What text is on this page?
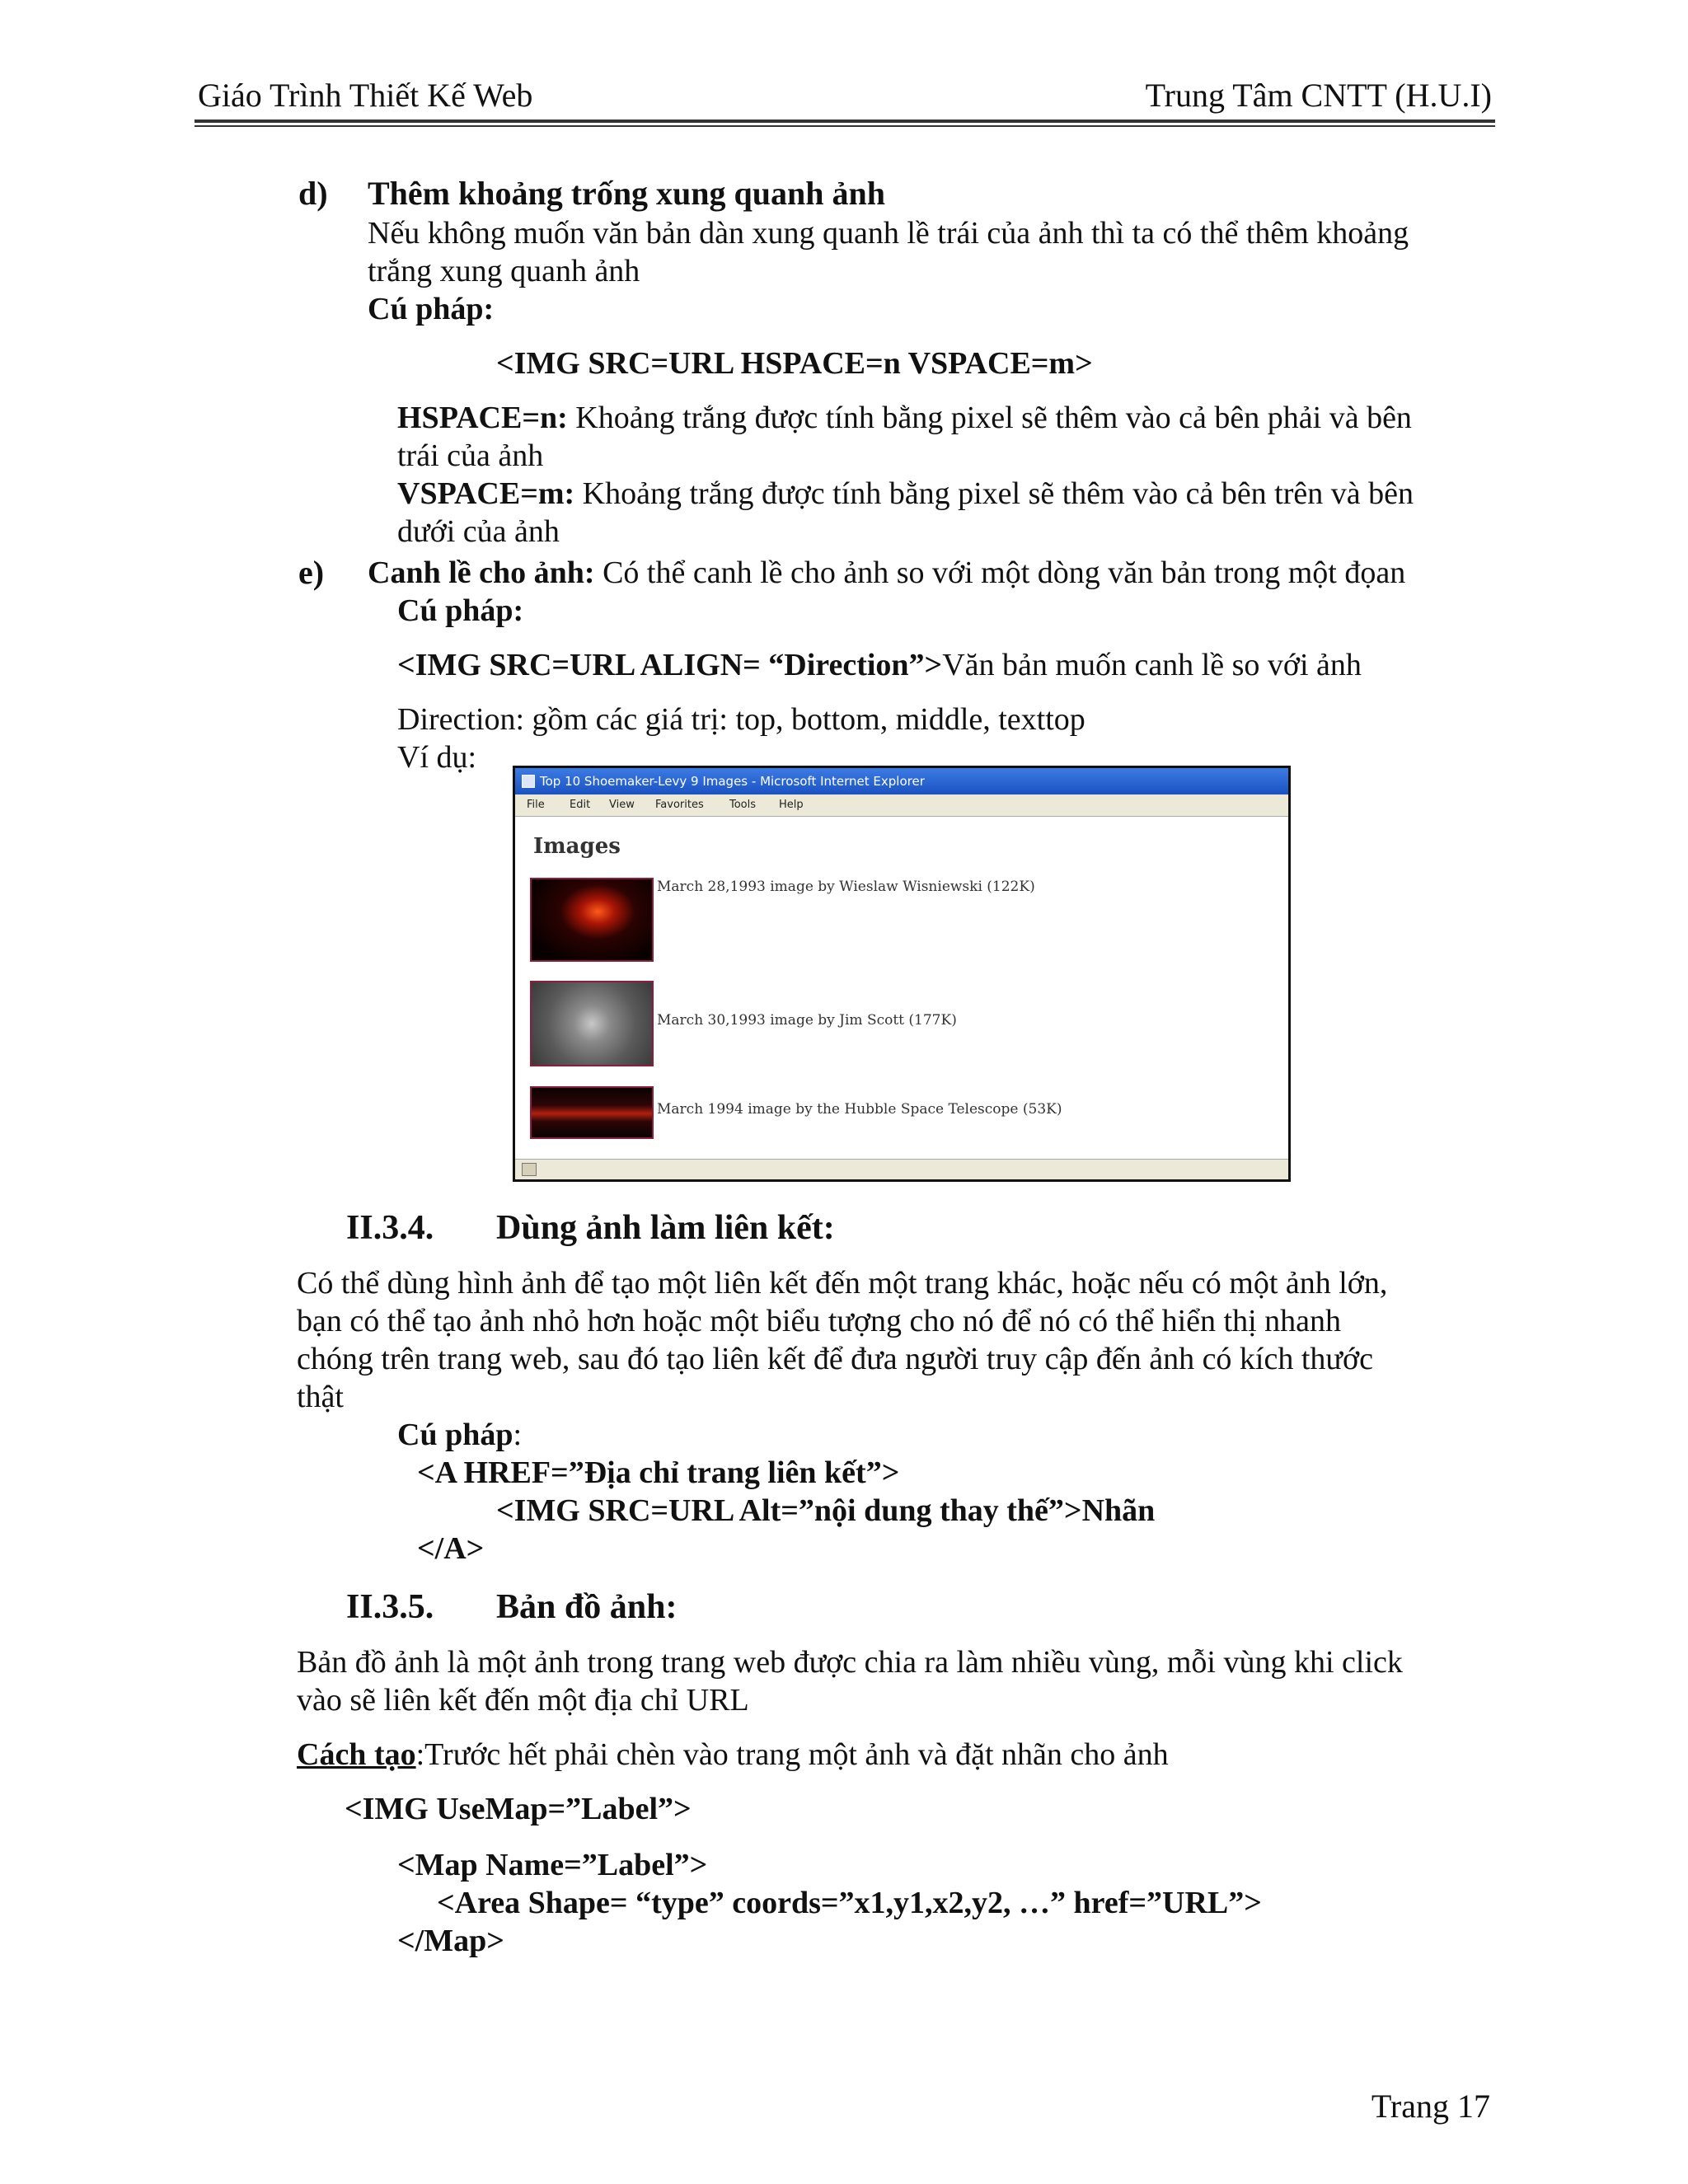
Giáo Trình Thiết Kế Web	Trung Tâm CNTT (H.U.I)
d) Thêm khoảng trống xung quanh ảnh
Nếu không muốn văn bản dàn xung quanh lề trái của ảnh thì ta có thể thêm khoảng
trắng xung quanh ảnh
Cú pháp:
<IMG SRC=URL HSPACE=n VSPACE=m>
HSPACE=n: Khoảng trắng được tính bằng pixel sẽ thêm vào cả bên phải và bên
trái của ảnh
VSPACE=m: Khoảng trắng được tính bằng pixel sẽ thêm vào cả bên trên và bên
dưới của ảnh
e) Canh lề cho ảnh: Có thể canh lề cho ảnh so với một dòng văn bản trong một đọan
Cú pháp:
<IMG SRC=URL ALIGN= “Direction”>Văn bản muốn canh lề so với ảnh
Direction: gồm các giá trị: top, bottom, middle, texttop
Ví dụ:
Top 10 Shoemaker-Levy 9 Images - Microsoft Internet Explorer
File Edit View Favorites Tools Help
Images
March 28,1993 image by Wieslaw Wisniewski (122K)
March 30,1993 image by Jim Scott (177K)
March 1994 image by the Hubble Space Telescope (53K)
II.3.4. Dùng ảnh làm liên kết:
Có thể dùng hình ảnh để tạo một liên kết đến một trang khác, hoặc nếu có một ảnh lớn,
bạn có thể tạo ảnh nhỏ hơn hoặc một biểu tượng cho nó để nó có thể hiển thị nhanh
chóng trên trang web, sau đó tạo liên kết để đưa người truy cập đến ảnh có kích thước
thật
Cú pháp:
<A HREF=”Địa chỉ trang liên kết”>
<IMG SRC=URL Alt=”nội dung thay thế”>Nhãn
</A>
II.3.5. Bản đồ ảnh:
Bản đồ ảnh là một ảnh trong trang web được chia ra làm nhiều vùng, mỗi vùng khi click
vào sẽ liên kết đến một địa chỉ URL
Cách tạo:Trước hết phải chèn vào trang một ảnh và đặt nhãn cho ảnh
<IMG UseMap=”Label”>
<Map Name=”Label”>
<Area Shape= “type” coords=”x1,y1,x2,y2, …” href=”URL”>
</Map>
Trang 17
